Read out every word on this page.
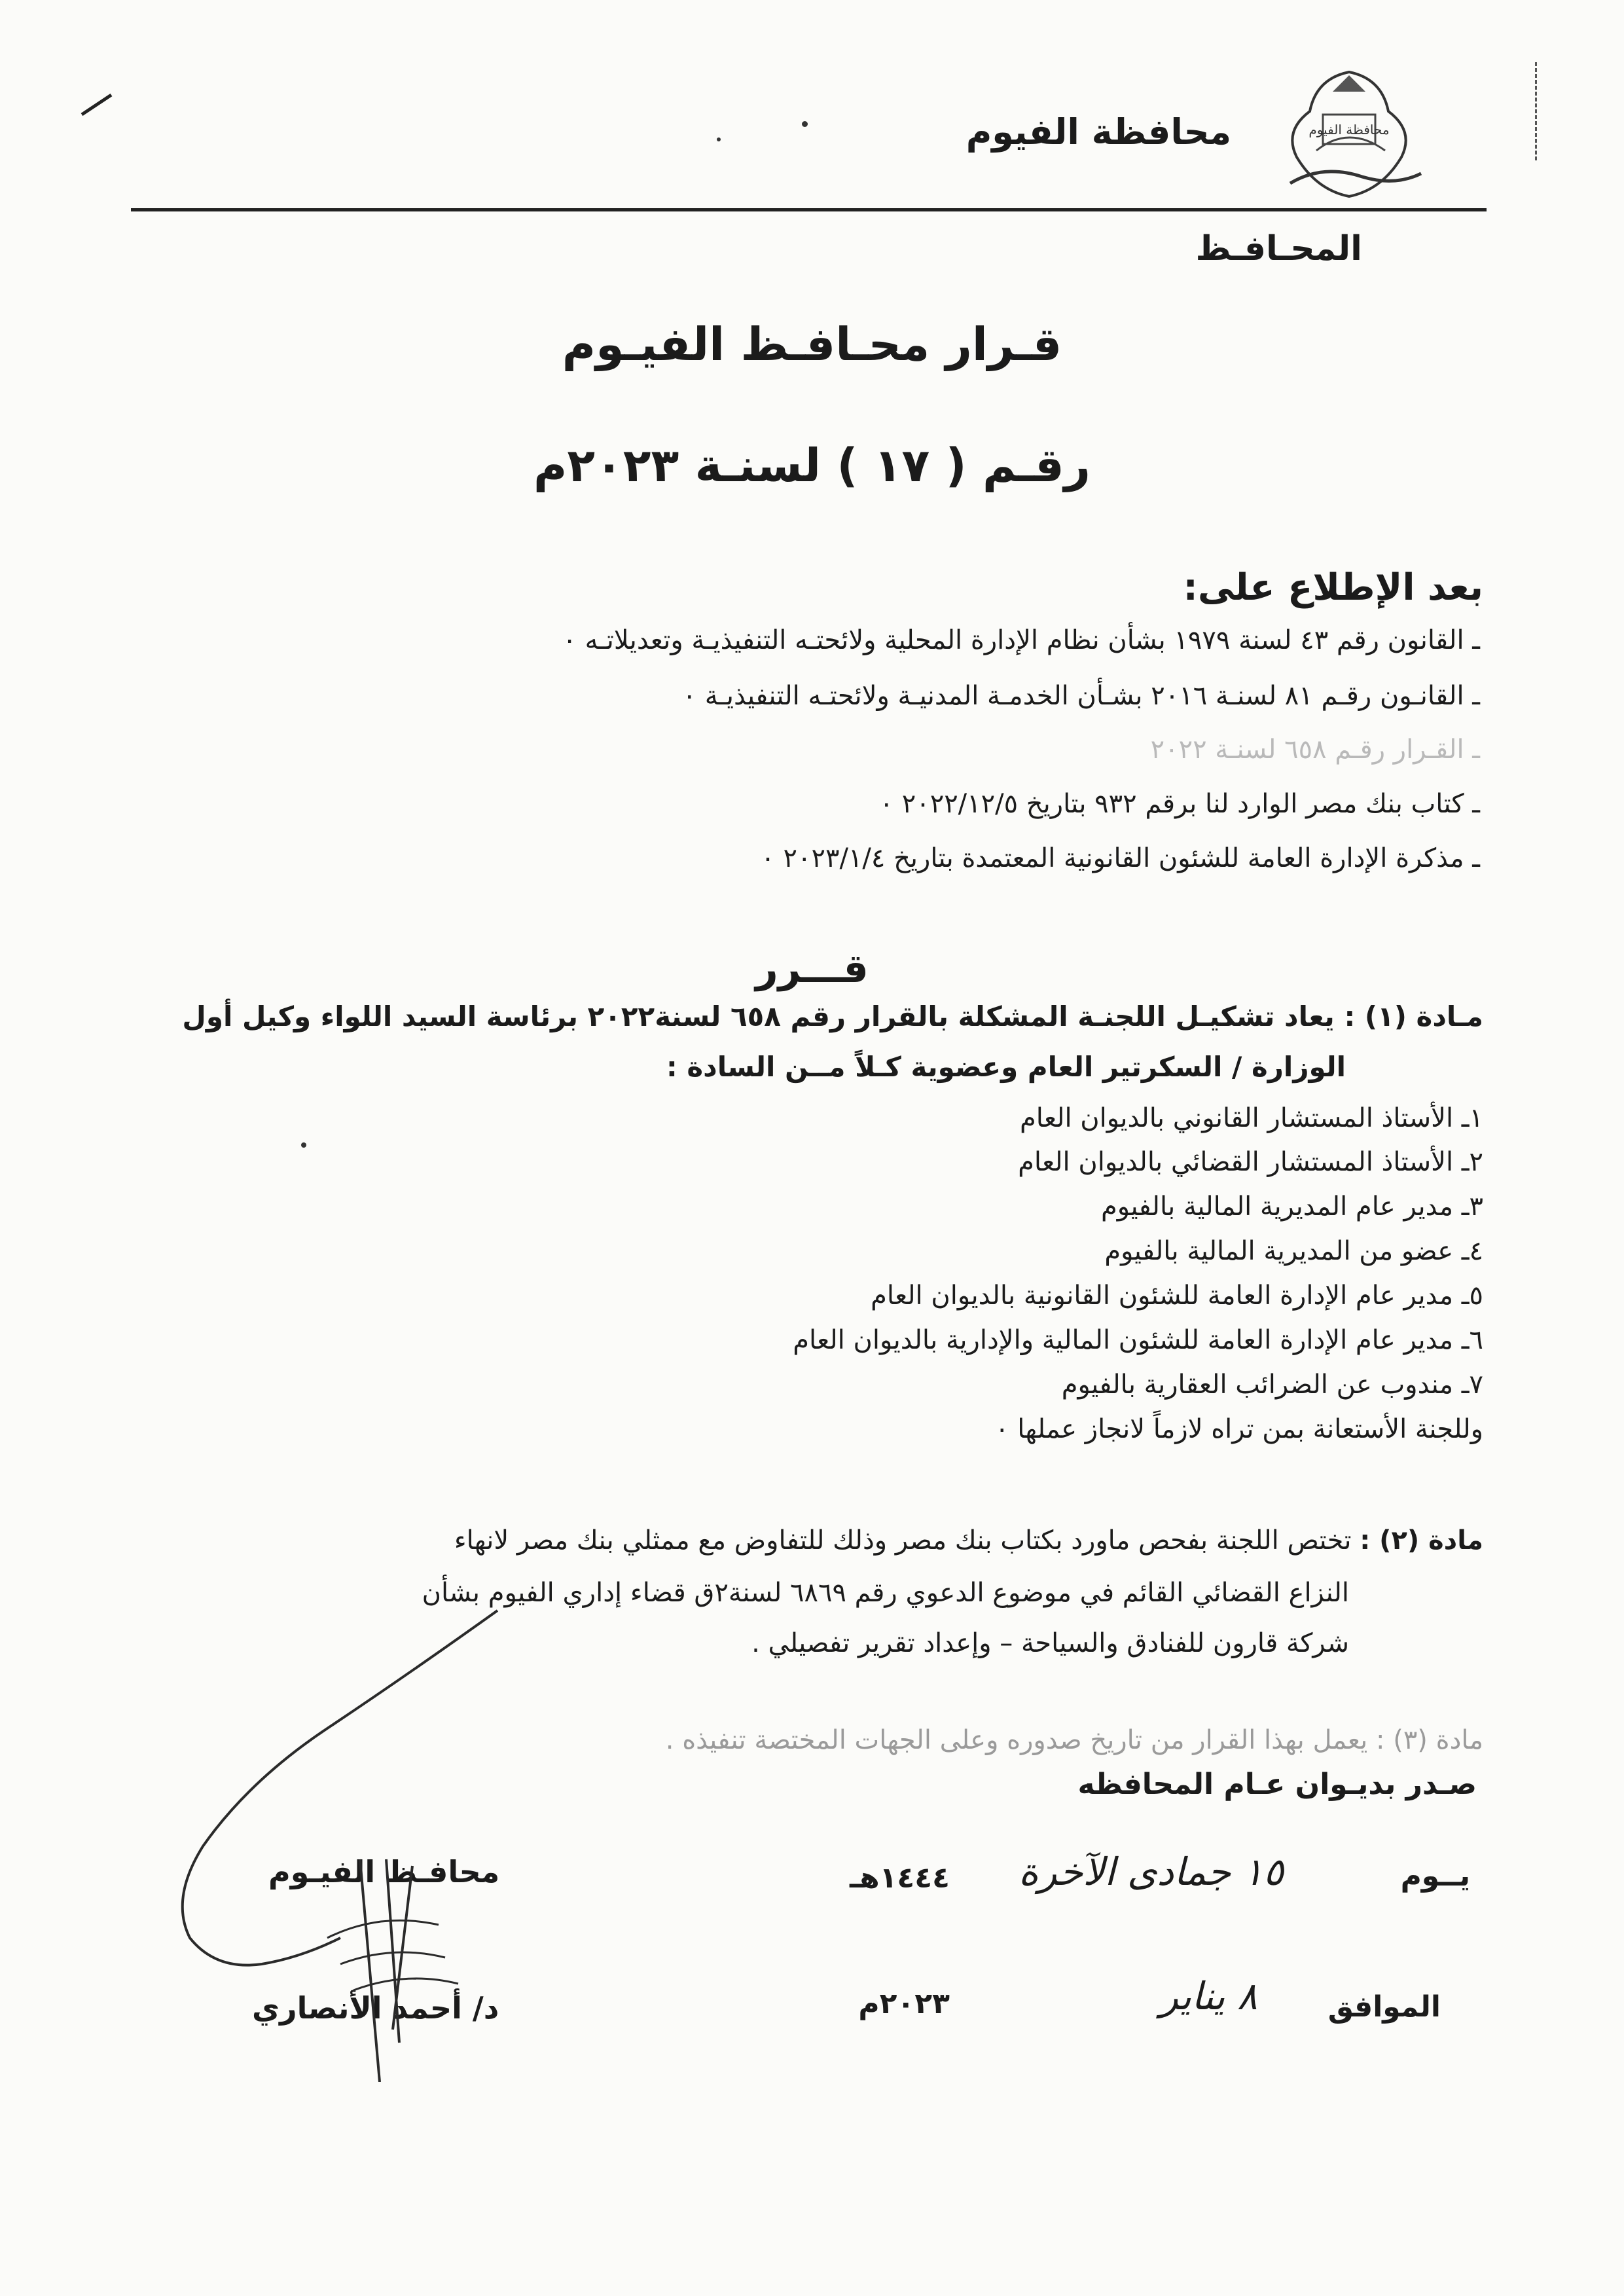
محافظة الفيوم
محافظة الفيوم
المحـافـظ
قـرار محـافـظ الفيـوم
رقـم ( ١٧ ) لسنـة ٢٠٢٣م
بعد الإطلاع على:
ـ القانون رقم ٤٣ لسنة ١٩٧٩ بشأن نظام الإدارة المحلية ولائحتـه التنفيذيـة وتعديلاتـه ٠
ـ القانـون رقـم ٨١ لسنـة ٢٠١٦ بشـأن الخدمـة المدنيـة ولائحتـه التنفيذيـة ٠
ـ القـرار رقـم ٦٥٨ لسنـة ٢٠٢٢
ـ كتاب بنك مصر الوارد لنا برقم ٩٣٢ بتاريخ ٢٠٢٢/١٢/٥ ٠
ـ مذكرة الإدارة العامة للشئون القانونية المعتمدة بتاريخ ٢٠٢٣/١/٤ ٠
قـــرر
مـادة (١) : يعاد تشكيـل اللجنـة المشكلة بالقرار رقم ٦٥٨ لسنة٢٠٢٢ برئاسة السيد اللواء وكيل أول
الوزارة / السكرتير العام وعضوية كـلاً مــن السادة :
١ـ الأستاذ المستشار القانوني بالديوان العام
٢ـ الأستاذ المستشار القضائي بالديوان العام
٣ـ مدير عام المديرية المالية بالفيوم
٤ـ عضو من المديرية المالية بالفيوم
٥ـ مدير عام الإدارة العامة للشئون القانونية بالديوان العام
٦ـ مدير عام الإدارة العامة للشئون المالية والإدارية بالديوان العام
٧ـ مندوب عن الضرائب العقارية بالفيوم
وللجنة الأستعانة بمن تراه لازماً لانجاز عملها ٠
مادة (٢) : تختص اللجنة بفحص ماورد بكتاب بنك مصر وذلك للتفاوض مع ممثلي بنك مصر لانهاء
النزاع القضائي القائم في موضوع الدعوي رقم ٦٨٦٩ لسنة٢ق قضاء إداري الفيوم بشأن
شركة قارون للفنادق والسياحة – وإعداد تقرير تفصيلي .
مادة (٣) : يعمل بهذا القرار من تاريخ صدوره وعلى الجهات المختصة تنفيذه .
صـدر بديـوان عـام المحافظه
يــوم
١٥ جمادى الآخرة
١٤٤٤هـ
الموافق
٨ يناير
٢٠٢٣م
محافـظ الفيـوم
د/ أحمد الأنصاري
